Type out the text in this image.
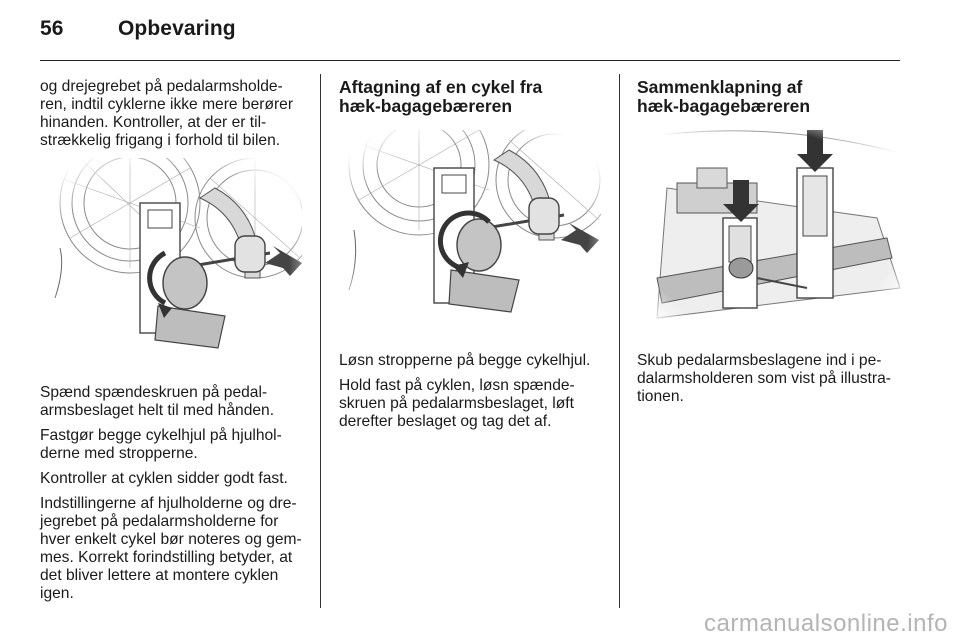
56	Opbevaring

og drejegrebet på pedalarmsholde-ren, indtil cyklerne ikke mere berører hinanden. Kontroller, at der er til-strækkelig frigang i forhold til bilen.

Spænd spændeskruen på pedal-armsbeslaget helt til med hånden.

Fastgør begge cykelhjul på hjulhol-derne med stropperne.

Kontroller at cyklen sidder godt fast.

Indstillingerne af hjulholderne og dre-jegrebet på pedalarmsholderne for hver enkelt cykel bør noteres og gem-mes. Korrekt forindstilling betyder, at det bliver lettere at montere cyklen igen.

Aftagning af en cykel fra
hæk-bagagebæreren

Løsn stropperne på begge cykelhjul.

Hold fast på cyklen, løsn spænde-skruen på pedalarmsbeslaget, løft derefter beslaget og tag det af.

Sammenklapning af
hæk-bagagebæreren

Skub pedalarmsbeslagene ind i pe-dalarmsholderen som vist på illustra-tionen.

carmanualsonline.info
